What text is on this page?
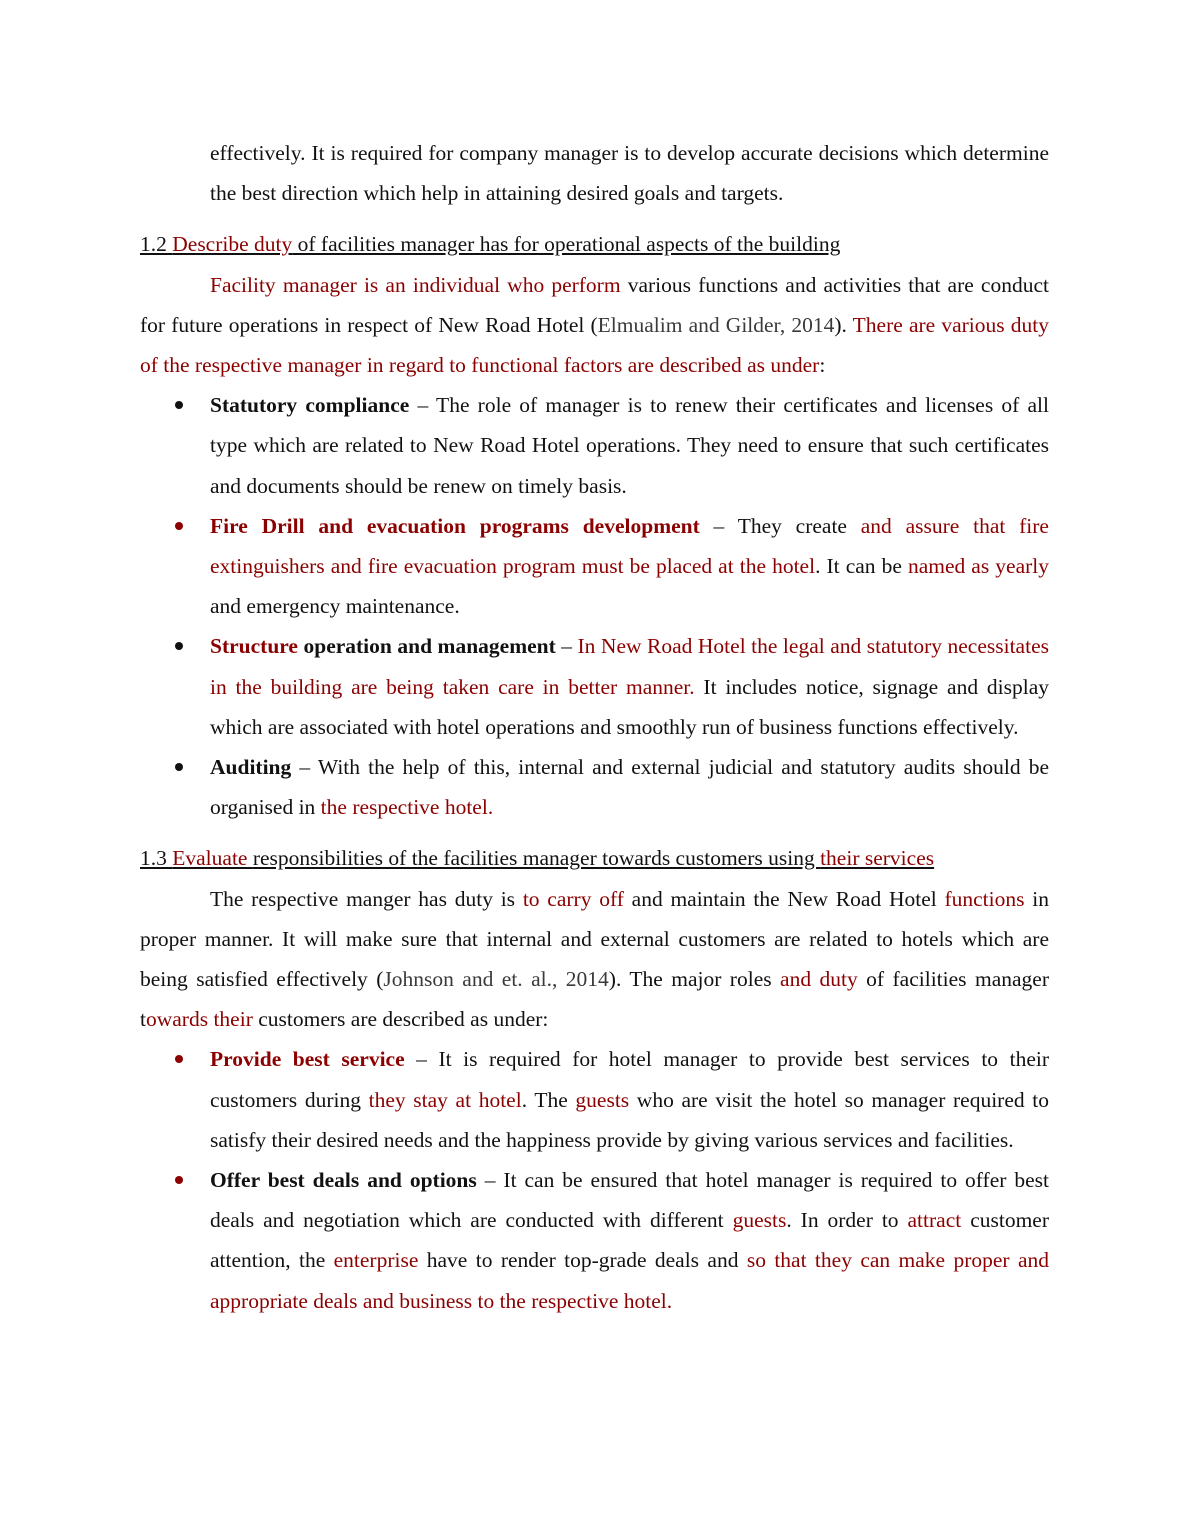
effectively. It is required for company manager is to develop accurate decisions which determine the best direction which help in attaining desired goals and targets.

1.2 Describe duty of facilities manager has for operational aspects of the building

Facility manager is an individual who perform various functions and activities that are conduct for future operations in respect of New Road Hotel (Elmualim and Gilder, 2014). There are various duty of the respective manager in regard to functional factors are described as under:

Statutory compliance – The role of manager is to renew their certificates and licenses of all type which are related to New Road Hotel operations. They need to ensure that such certificates and documents should be renew on timely basis.

Fire Drill and evacuation programs development – They create and assure that fire extinguishers and fire evacuation program must be placed at the hotel. It can be named as yearly and emergency maintenance.

Structure operation and management – In New Road Hotel the legal and statutory necessitates in the building are being taken care in better manner. It includes notice, signage and display which are associated with hotel operations and smoothly run of business functions effectively.

Auditing – With the help of this, internal and external judicial and statutory audits should be organised in the respective hotel.

1.3 Evaluate responsibilities of the facilities manager towards customers using their services

The respective manger has duty is to carry off and maintain the New Road Hotel functions in proper manner. It will make sure that internal and external customers are related to hotels which are being satisfied effectively (Johnson and et. al., 2014). The major roles and duty of facilities manager towards their customers are described as under:

Provide best service – It is required for hotel manager to provide best services to their customers during they stay at hotel. The guests who are visit the hotel so manager required to satisfy their desired needs and the happiness provide by giving various services and facilities.

Offer best deals and options – It can be ensured that hotel manager is required to offer best deals and negotiation which are conducted with different guests. In order to attract customer attention, the enterprise have to render top-grade deals and so that they can make proper and appropriate deals and business to the respective hotel.
